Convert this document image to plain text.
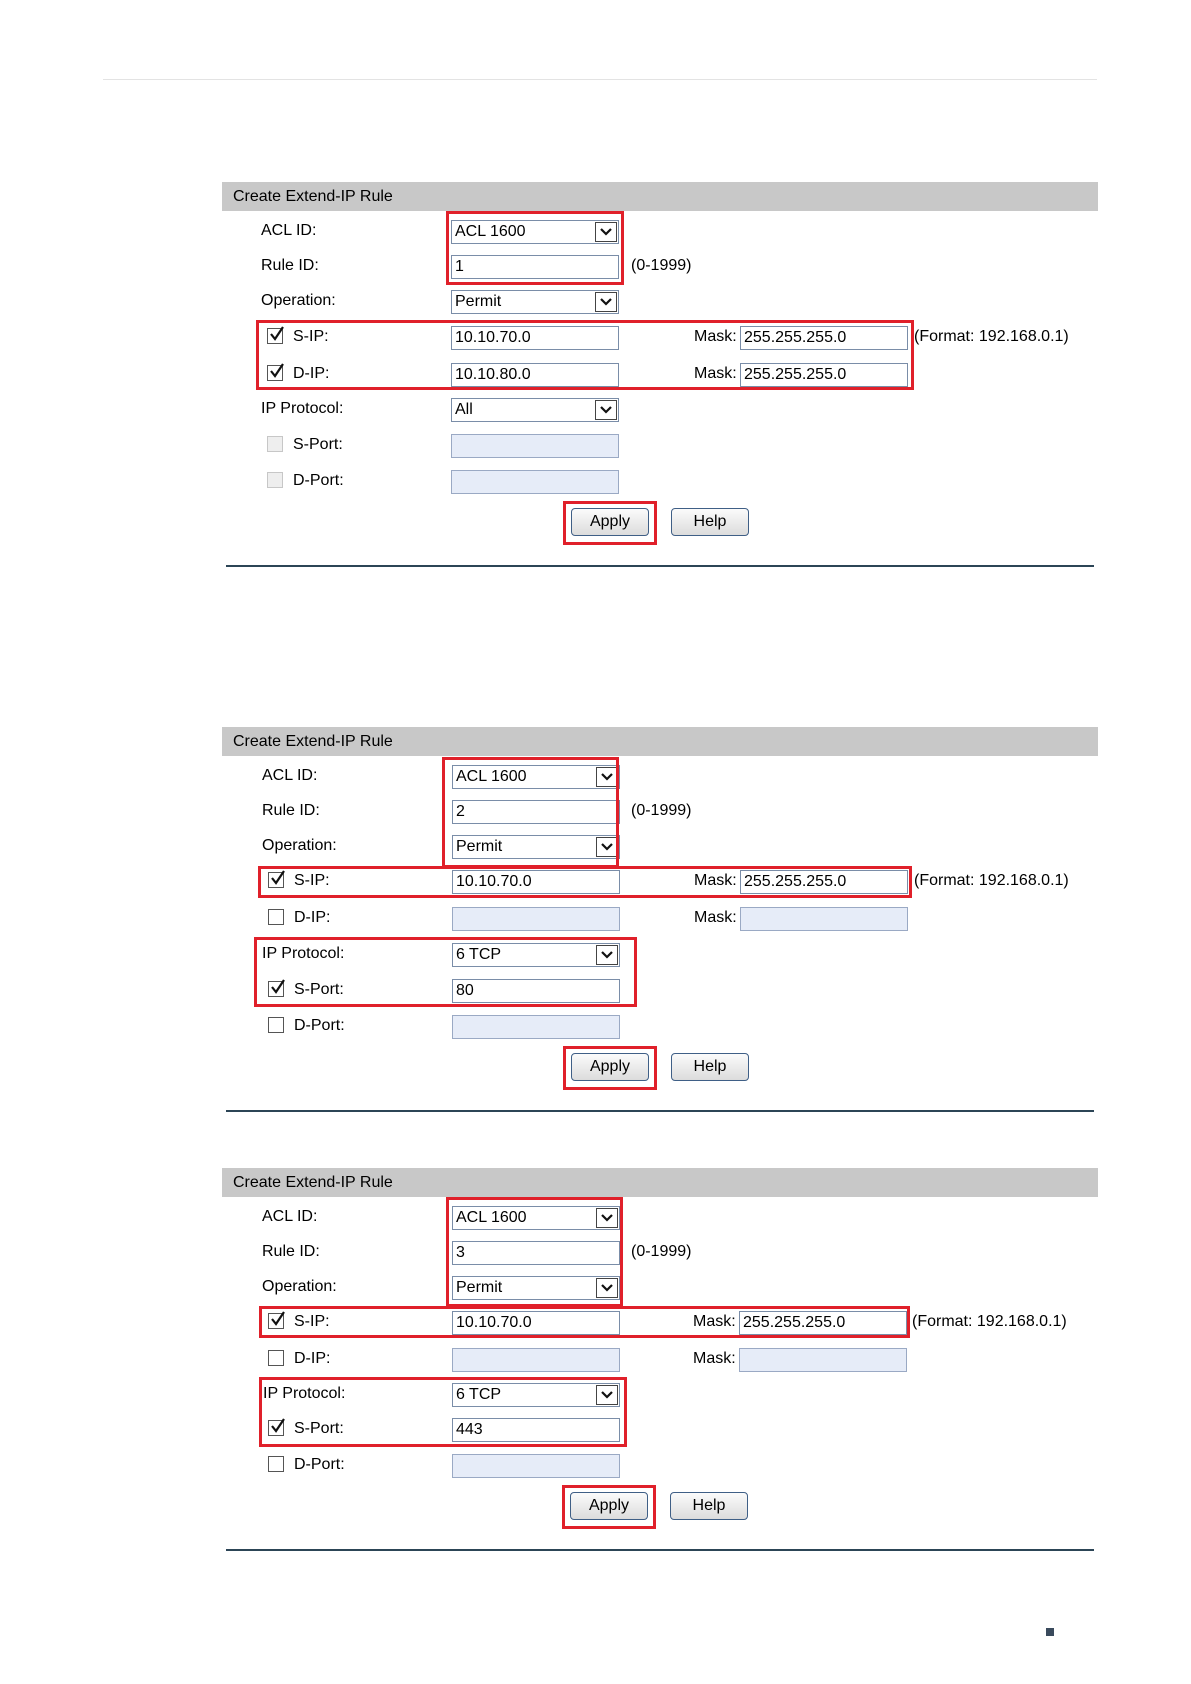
Create Extend-IP Rule
ACL ID:	ACL 1600
Rule ID:	1	(0-1999)
Operation:	Permit
S-IP:	10.10.70.0	Mask: 255.255.255.0	(Format: 192.168.0.1)
D-IP:	10.10.80.0	Mask: 255.255.255.0
IP Protocol:	All
S-Port:
D-Port:
Apply	Help
Create Extend-IP Rule
ACL ID:	ACL 1600
Rule ID:	2	(0-1999)
Operation:	Permit
S-IP:	10.10.70.0	Mask: 255.255.255.0	(Format: 192.168.0.1)
D-IP:	Mask:
IP Protocol:	6 TCP
S-Port:	80
D-Port:
Apply	Help
Create Extend-IP Rule
ACL ID:	ACL 1600
Rule ID:	3	(0-1999)
Operation:	Permit
S-IP:	10.10.70.0	Mask: 255.255.255.0	(Format: 192.168.0.1)
D-IP:	Mask:
IP Protocol:	6 TCP
S-Port:	443
D-Port:
Apply	Help
